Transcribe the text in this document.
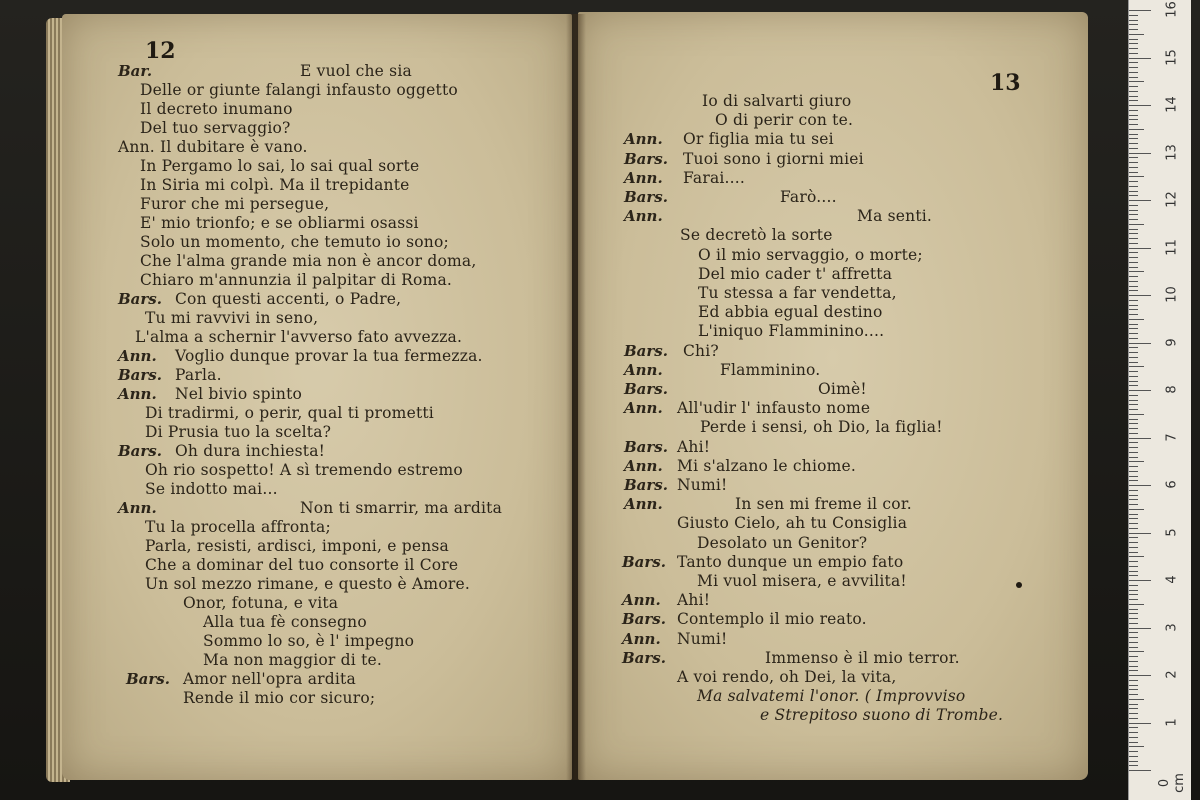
12
13
Bar.	E vuol che sia
Delle or giunte falangi infausto oggetto
Il decreto inumano
Del tuo servaggio?
Ann. Il dubitare è vano.
In Pergamo lo sai, lo sai qual sorte
In Siria mi colpì. Ma il trepidante
Furor che mi persegue,
E' mio trionfo; e se obliarmi osassi
Solo un momento, che temuto io sono;
Che l'alma grande mia non è ancor doma,
Chiaro m'annunzia il palpitar di Roma.
Bars. Con questi accenti, o Padre,
Tu mi ravvivi in seno,
L'alma a schernir l'avverso fato avvezza.
Ann. Voglio dunque provar la tua fermezza.
Bars. Parla.
Ann. Nel bivio spinto
Di tradirmi, o perir, qual ti prometti
Di Prusia tuo la scelta?
Bars. Oh dura inchiesta!
Oh rio sospetto! A sì tremendo estremo
Se indotto mai...
Ann.	Non ti smarrir, ma ardita
Tu la procella affronta;
Parla, resisti, ardisci, imponi, e pensa
Che a dominar del tuo consorte il Core
Un sol mezzo rimane, e questo è Amore.
Onor, fotuna, e vita
Alla tua fè consegno
Sommo lo so, è l' impegno
Ma non maggior di te.
Bars. Amor nell'opra ardita
Rende il mio cor sicuro;
Io di salvarti giuro
O di perir con te.
Ann. Or figlia mia tu sei
Bars. Tuoi sono i giorni miei
Ann. Farai....
Bars.	Farò....
Ann.	Ma senti.
Se decretò la sorte
O il mio servaggio, o morte;
Del mio cader t' affretta
Tu stessa a far vendetta,
Ed abbia egual destino
L'iniquo Flamminino....
Bars. Chi?
Ann.	Flamminino.
Bars.	Oimè!
Ann. All'udir l' infausto nome
Perde i sensi, oh Dio, la figlia!
Bars. Ahi!
Ann. Mi s'alzano le chiome.
Bars. Numi!
Ann.	In sen mi freme il cor.
Giusto Cielo, ah tu Consiglia
Desolato un Genitor?
Bars. Tanto dunque un empio fato
Mi vuol misera, e avvilita!
Ann. Ahi!
Bars. Contemplo il mio reato.
Ann. Numi!
Bars.	Immenso è il mio terror.
A voi rendo, oh Dei, la vita,
Ma salvatemi l'onor. ( Improvviso
e Strepitoso suono di Trombe.
0 cm
1
2
3
4
5
6
7
8
9
10
11
12
13
14
15
16
